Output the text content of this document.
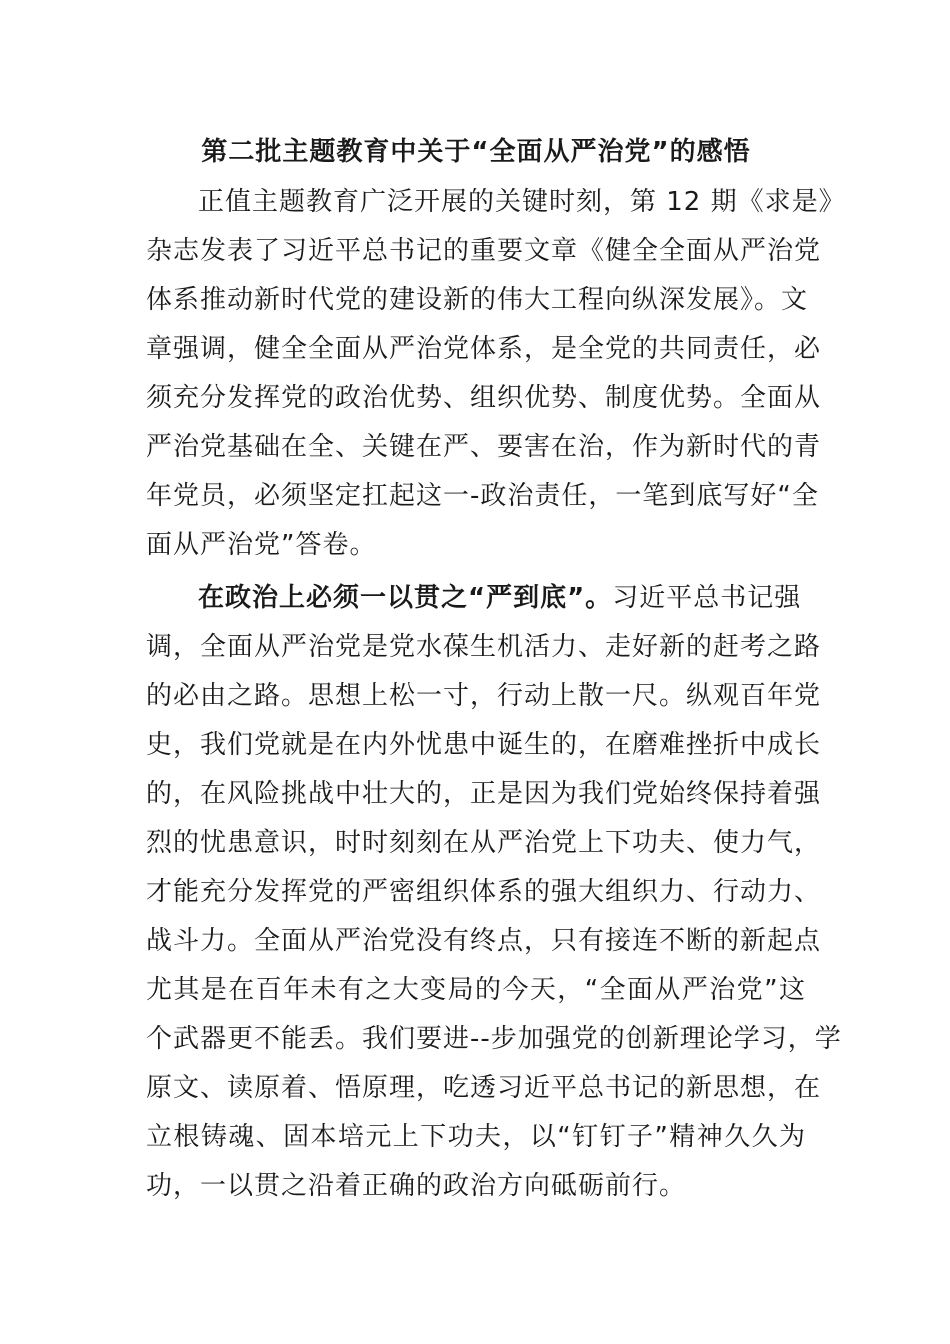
第二批主题教育中关于“全面从严治党”的感悟
正值主题教育广泛开展的关键时刻，第 12 期《求是》
杂志发表了习近平总书记的重要文章《健全全面从严治党
体系推动新时代党的建设新的伟大工程向纵深发展》。文
章强调，健全全面从严治党体系，是全党的共同责任，必
须充分发挥党的政治优势、组织优势、制度优势。全面从
严治党基础在全、关键在严、要害在治，作为新时代的青
年党员，必须坚定扛起这一-政治责任，一笔到底写好“全
面从严治党”答卷。
在政治上必须一以贯之“严到底”。习近平总书记强
调，全面从严治党是党水葆生机活力、走好新的赶考之路
的必由之路。思想上松一寸，行动上散一尺。纵观百年党
史，我们党就是在内外忧患中诞生的，在磨难挫折中成长
的，在风险挑战中壮大的，正是因为我们党始终保持着强
烈的忧患意识，时时刻刻在从严治党上下功夫、使力气，
才能充分发挥党的严密组织体系的强大组织力、行动力、
战斗力。全面从严治党没有终点，只有接连不断的新起点
尤其是在百年未有之大变局的今天，“全面从严治党”这
个武器更不能丢。我们要进--步加强党的创新理论学习，学
原文、读原着、悟原理，吃透习近平总书记的新思想，在
立根铸魂、固本培元上下功夫，以“钉钉子”精神久久为
功，一以贯之沿着正确的政治方向砥砺前行。
